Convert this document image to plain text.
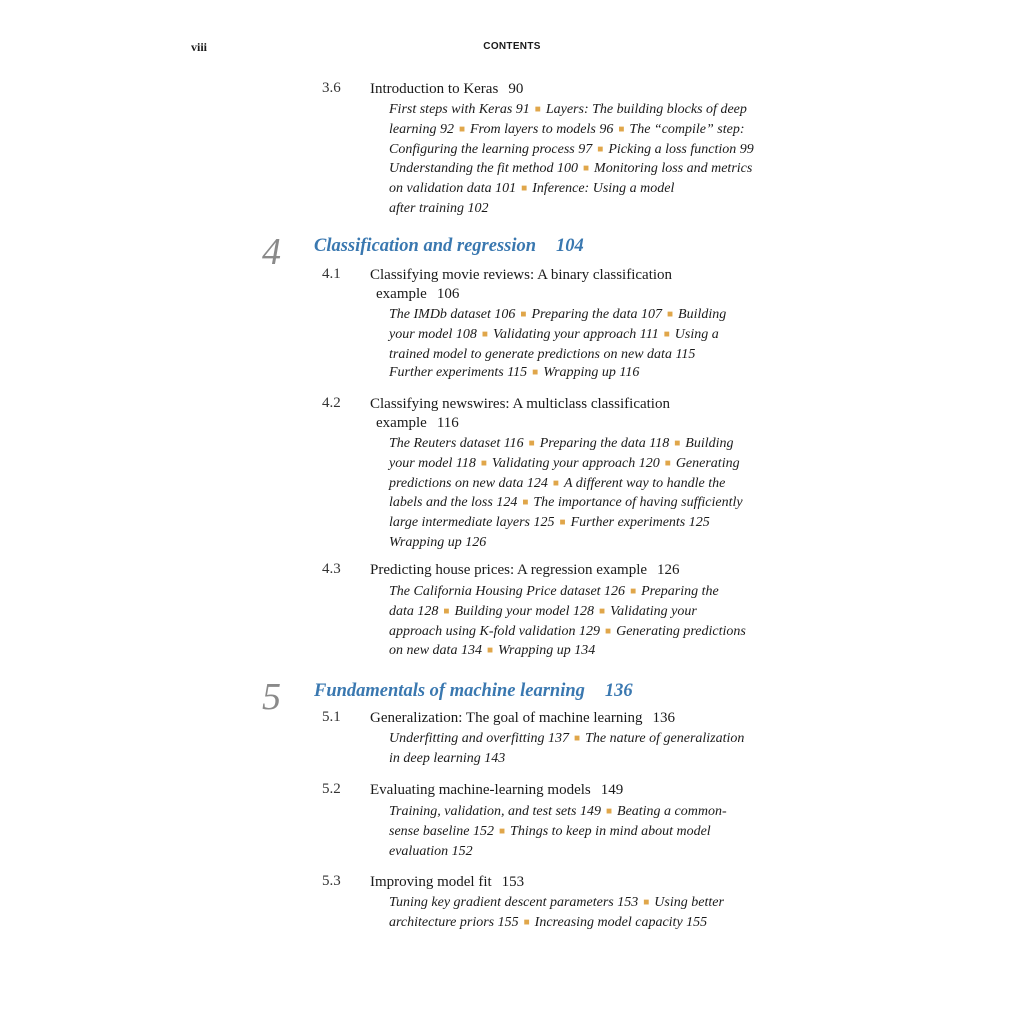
viii	CONTENTS
3.6 Introduction to Keras 90
First steps with Keras 91 ■ Layers: The building blocks of deep
learning 92 ■ From layers to models 96 ■ The “compile” step:
Configuring the learning process 97 ■ Picking a loss function 99
Understanding the fit method 100 ■ Monitoring loss and metrics
on validation data 101 ■ Inference: Using a model
after training 102
4 Classification and regression 104
4.1 Classifying movie reviews: A binary classification
example 106
The IMDb dataset 106 ■ Preparing the data 107 ■ Building
your model 108 ■ Validating your approach 111 ■ Using a
trained model to generate predictions on new data 115
Further experiments 115 ■ Wrapping up 116
4.2 Classifying newswires: A multiclass classification
example 116
The Reuters dataset 116 ■ Preparing the data 118 ■ Building
your model 118 ■ Validating your approach 120 ■ Generating
predictions on new data 124 ■ A different way to handle the
labels and the loss 124 ■ The importance of having sufficiently
large intermediate layers 125 ■ Further experiments 125
Wrapping up 126
4.3 Predicting house prices: A regression example 126
The California Housing Price dataset 126 ■ Preparing the
data 128 ■ Building your model 128 ■ Validating your
approach using K-fold validation 129 ■ Generating predictions
on new data 134 ■ Wrapping up 134
5 Fundamentals of machine learning 136
5.1 Generalization: The goal of machine learning 136
Underfitting and overfitting 137 ■ The nature of generalization
in deep learning 143
5.2 Evaluating machine-learning models 149
Training, validation, and test sets 149 ■ Beating a common-
sense baseline 152 ■ Things to keep in mind about model
evaluation 152
5.3 Improving model fit 153
Tuning key gradient descent parameters 153 ■ Using better
architecture priors 155 ■ Increasing model capacity 155
